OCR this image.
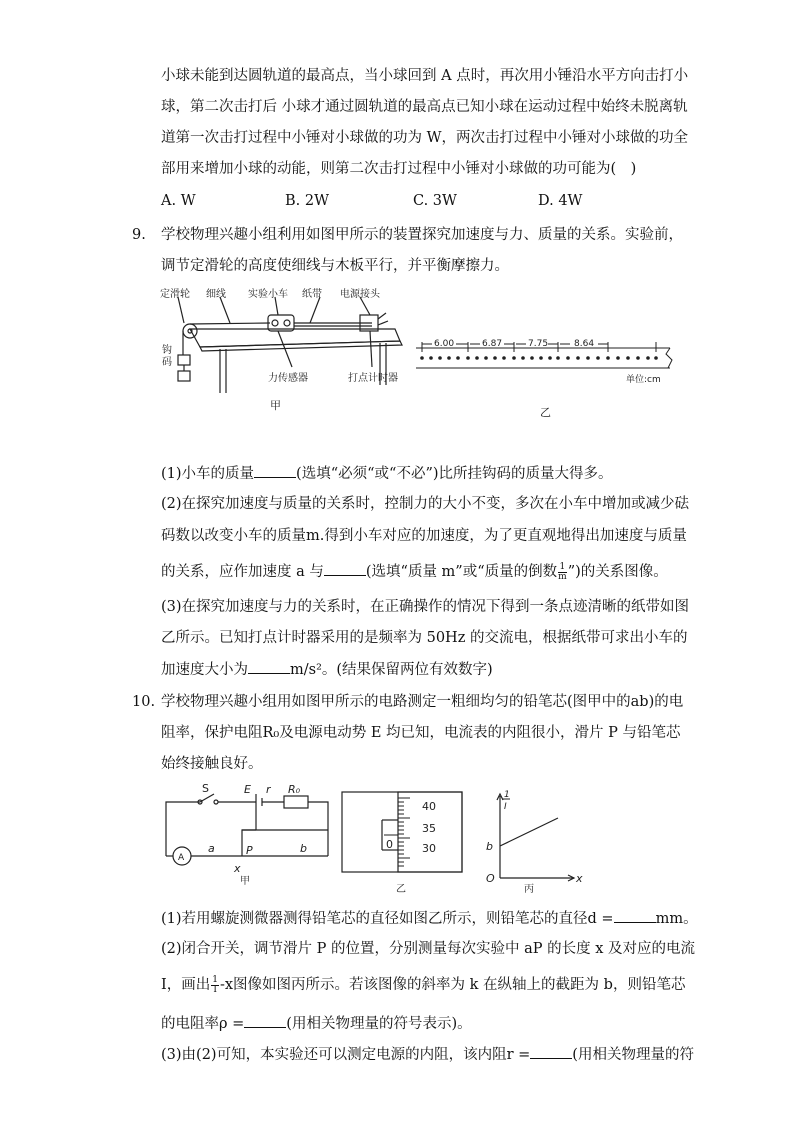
小球未能到达圆轨道的最高点，当小球回到 A 点时，再次用小锤沿水平方向击打小
球，第二次击打后 小球才通过圆轨道的最高点已知小球在运动过程中始终未脱离轨
道第一次击打过程中小锤对小球做的功为 W，两次击打过程中小锤对小球做的功全
部用来增加小球的动能，则第二次击打过程中小锤对小球做的功可能为(　)
A. W	B. 2W	C. 3W	D. 4W
9. 学校物理兴趣小组利用如图甲所示的装置探究加速度与力、质量的关系。实验前，
调节定滑轮的高度使细线与木板平行，并平衡摩擦力。
定滑轮 细线 实验小车 纸带 电源接头
钩
码
力传感器	打点计时器
甲
6.00	6.87	7.75	8.64
单位:cm
乙
(1)小车的质量	(选填“必须“或“不必”)比所挂钩码的质量大得多。
(2)在探究加速度与质量的关系时，控制力的大小不变，多次在小车中增加或减少砝
码数以改变小车的质量m.得到小车对应的加速度，为了更直观地得出加速度与质量
的关系，应作加速度 a 与	(选填“质量 m”或“质量的倒数 $\frac{1}{m}$ ”)的关系图像。
(3)在探究加速度与力的关系时，在正确操作的情况下得到一条点迹清晰的纸带如图
乙所示。已知打点计时器采用的是频率为 50Hz 的交流电，根据纸带可求出小车的
加速度大小为	m/s²。(结果保留两位有效数字)
10. 学校物理兴趣小组用如图甲所示的电路测定一粗细均匀的铅笔芯(图甲中的ab)的电
阻率，保护电阻R₀及电源电动势 E 均已知，电流表的内阻很小，滑片 P 与铅笔芯
始终接触良好。
S	E r R₀
A
a	P	b
x
甲
40
35
30
0
乙
1
I
b
O	x
丙
(1)若用螺旋测微器测得铅笔芯的直径如图乙所示，则铅笔芯的直径d =	mm。
(2)闭合开关，调节滑片 P 的位置，分别测量每次实验中 aP 的长度 x 及对应的电流
I，画出 $\frac{1}{I} -x$图像如图丙所示。若该图像的斜率为 k 在纵轴上的截距为 b，则铅笔芯
的电阻率ρ =	(用相关物理量的符号表示)。
(3)由(2)可知，本实验还可以测定电源的内阻，该内阻r =	(用相关物理量的符
